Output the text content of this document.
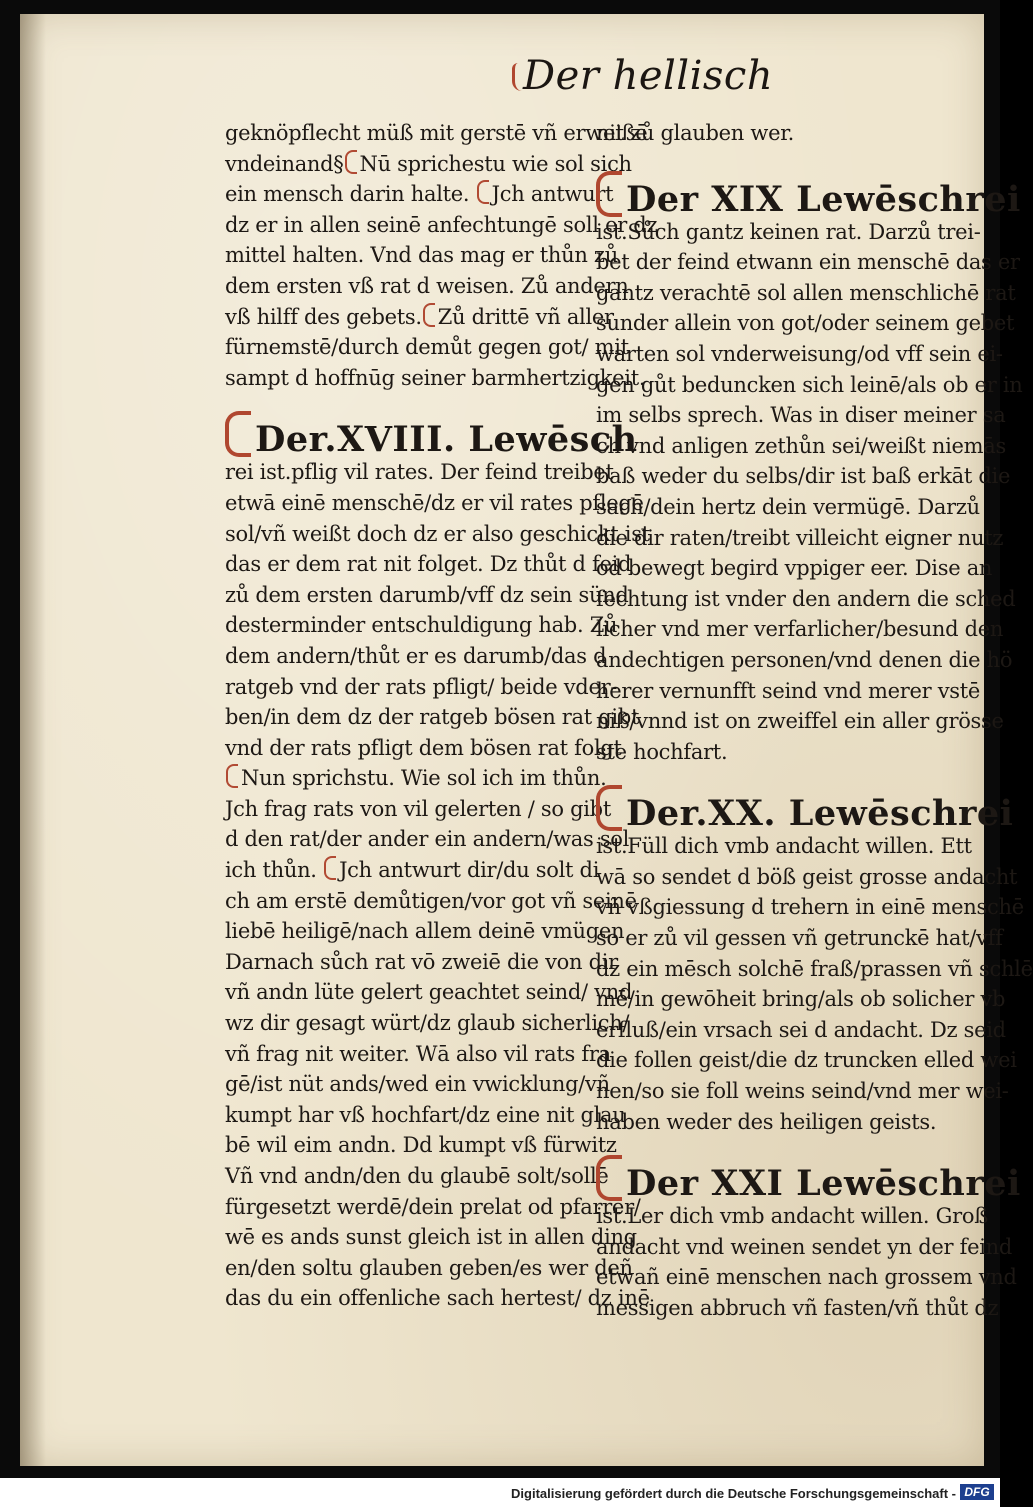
Der hellisch
geknöpflecht müß mit gerstē vñ erweißē
vndeinand§ Nū sprichestu wie sol sich
ein mensch darin halte. Jch antwurt
dz er in allen seinē anfechtungē soll er dz
mittel halten. Vnd das mag er thůn zů
dem ersten vß rat d weisen. Zů andern
vß hilff des gebets. Zů drittē vñ aller
fürnemstē/durch demůt gegen got/ mit
sampt d hoffnūg seiner barmhertzigkeit.
Der.XVIII. Lewēsch
rei ist.pflig vil rates. Der feind treibet
etwā einē menschē/dz er vil rates pflegē
sol/vñ weißt doch dz er also geschickt ist
das er dem rat nit folget. Dz thůt d feid
zů dem ersten darumb/vff dz sein sünd
desterminder entschuldigung hab. Zů
dem andern/thůt er es darumb/das d
ratgeb vnd der rats pfligt/ beide vder-
ben/in dem dz der ratgeb bösen rat gibt
vnd der rats pfligt dem bösen rat folgt
Nun sprichstu. Wie sol ich im thůn.
Jch frag rats von vil gelerten / so gibt
d den rat/der ander ein andern/was sol
ich thůn. Jch antwurt dir/du solt di
ch am erstē demůtigen/vor got vñ seinē
liebē heiligē/nach allem deinē vmügen
Darnach sůch rat vō zweiē die von dir
vñ andn lüte gelert geachtet seind/ vnd
wz dir gesagt würt/dz glaub sicherlich/
vñ frag nit weiter. Wā also vil rats fra
gē/ist nüt ands/wed ein vwicklung/vñ
kumpt har vß hochfart/dz eine nit glau
bē wil eim andn. Dd kumpt vß fürwitz
Vñ vnd andn/den du glaubē solt/sollē
fürgesetzt werdē/dein prelat od pfarrer/
wē es ands sunst gleich ist in allen ding
en/den soltu glauben geben/es wer deñ
das du ein offenliche sach hertest/ dz inē
nit zů glauben wer.
Der XIX Lewēschrei
ist.Sůch gantz keinen rat. Darzů trei-
bet der feind etwann ein menschē das er
gantz verachtē sol allen menschlichē rat
sunder allein von got/oder seinem gebet
warten sol vnderweisung/od vff sein ei-
gen gůt beduncken sich leinē/als ob er in
im selbs sprech. Was in diser meiner sa
ch vnd anligen zethůn sei/weißt niemās
baß weder du selbs/dir ist baß erkāt die
sach/dein hertz dein vermügē. Darzů
die dir raten/treibt villeicht eigner nutz
od bewegt begird vppiger eer. Dise an
fechtung ist vnder den andern die sched
licher vnd mer verfarlicher/besund den
andechtigen personen/vnd denen die hö
herer vernunfft seind vnd merer vstē
niß/vnnd ist on zweiffel ein aller grösse
ste hochfart.
Der.XX. Lewēschrei
ist.Füll dich vmb andacht willen. Ett
wā so sendet d böß geist grosse andacht
vñ vßgiessung d trehern in einē menschē
so er zů vil gessen vñ getrunckē hat/vff
dz ein mēsch solchē fraß/prassen vñ schlē
mē/in gewōheit bring/als ob solicher vb
erfluß/ein vrsach sei d andacht. Dz seid
die follen geist/die dz truncken elled wei
nen/so sie foll weins seind/vnd mer wei-
haben weder des heiligen geists.
Der XXI Lewēschrei
ist.Ler dich vmb andacht willen. Groß
andacht vnd weinen sendet yn der feind
etwañ einē menschen nach grossem vnd
messigen abbruch vñ fasten/vñ thůt dz
Digitalisierung gefördert durch die Deutsche Forschungsgemeinschaft - DFG
